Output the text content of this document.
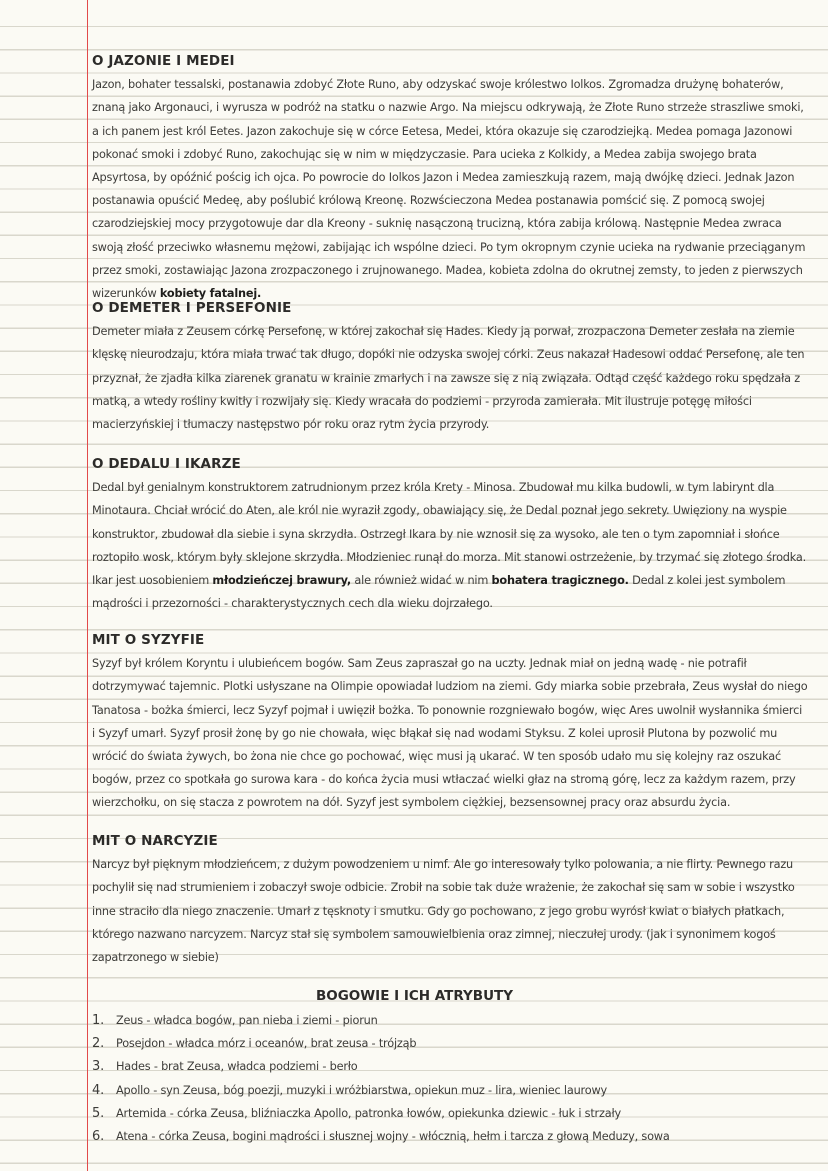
O JAZONIE I MEDEI

Jazon, bohater tessalski, postanawia zdobyć Złote Runo, aby odzyskać swoje królestwo Iolkos. Zgromadza drużynę bohaterów, znaną jako Argonauci, i wyrusza w podróż na statku o nazwie Argo. Na miejscu odkrywają, że Złote Runo strzeże straszliwe smoki, a ich panem jest król Eetes. Jazon zakochuje się w córce Eetesa, Medei, która okazuje się czarodziejką. Medea pomaga Jazonowi pokonać smoki i zdobyć Runo, zakochując się w nim w międzyczasie. Para ucieka z Kolkidy, a Medea zabija swojego brata Apsyrtosa, by opóźnić pościg ich ojca. Po powrocie do Iolkos Jazon i Medea zamieszkują razem, mają dwójkę dzieci. Jednak Jazon postanawia opuścić Medeę, aby poślubić królową Kreonę. Rozwścieczona Medea postanawia pomścić się. Z pomocą swojej czarodziejskiej mocy przygotowuje dar dla Kreony - suknię nasączoną trucizną, która zabija królową. Następnie Medea zwraca swoją złość przeciwko własnemu mężowi, zabijając ich wspólne dzieci. Po tym okropnym czynie ucieka na rydwanie przeciąganym przez smoki, zostawiając Jazona zrozpaczonego i zrujnowanego. Madea, kobieta zdolna do okrutnej zemsty, to jeden z pierwszych wizerunków kobiety fatalnej.

O DEMETER I PERSEFONIE

Demeter miała z Zeusem córkę Persefonę, w której zakochał się Hades. Kiedy ją porwał, zrozpaczona Demeter zesłała na ziemie klęskę nieurodzaju, która miała trwać tak długo, dopóki nie odzyska swojej córki. Zeus nakazał Hadesowi oddać Persefonę, ale ten przyznał, że zjadła kilka ziarenek granatu w krainie zmarłych i na zawsze się z nią związała. Odtąd część każdego roku spędzała z matką, a wtedy rośliny kwitły i rozwijały się. Kiedy wracała do podziemi - przyroda zamierała. Mit ilustruje potęgę miłości macierzyńskiej i tłumaczy następstwo pór roku oraz rytm życia przyrody.

O DEDALU I IKARZE

Dedal był genialnym konstruktorem zatrudnionym przez króla Krety - Minosa. Zbudował mu kilka budowli, w tym labirynt dla Minotaura. Chciał wrócić do Aten, ale król nie wyraził zgody, obawiający się, że Dedal poznał jego sekrety. Uwięziony na wyspie konstruktor, zbudował dla siebie i syna skrzydła. Ostrzegł Ikara by nie wznosił się za wysoko, ale ten o tym zapomniał i słońce roztopiło wosk, którym były sklejone skrzydła. Młodzieniec runął do morza. Mit stanowi ostrzeżenie, by trzymać się złotego środka. Ikar jest uosobieniem młodzieńczej brawury, ale również widać w nim bohatera tragicznego. Dedal z kolei jest symbolem mądrości i przezorności - charakterystycznych cech dla wieku dojrzałego.

MIT O SYZYFIE

Syzyf był królem Koryntu i ulubieńcem bogów. Sam Zeus zapraszał go na uczty. Jednak miał on jedną wadę - nie potrafił dotrzymywać tajemnic. Plotki usłyszane na Olimpie opowiadał ludziom na ziemi. Gdy miarka sobie przebrała, Zeus wysłał do niego Tanatosa - bożka śmierci, lecz Syzyf pojmał i uwięził bożka. To ponownie rozgniewało bogów, więc Ares uwolnił wysłannika śmierci i Syzyf umarł. Syzyf prosił żonę by go nie chowała, więc błąkał się nad wodami Styksu. Z kolei uprosił Plutona by pozwolić mu wrócić do świata żywych, bo żona nie chce go pochować, więc musi ją ukarać. W ten sposób udało mu się kolejny raz oszukać bogów, przez co spotkała go surowa kara - do końca życia musi wtłaczać wielki głaz na stromą górę, lecz za każdym razem, przy wierzchołku, on się stacza z powrotem na dół. Syzyf jest symbolem ciężkiej, bezsensownej pracy oraz absurdu życia.

MIT O NARCYZIE

Narcyz był pięknym młodzieńcem, z dużym powodzeniem u nimf. Ale go interesowały tylko polowania, a nie flirty. Pewnego razu pochylił się nad strumieniem i zobaczył swoje odbicie. Zrobił na sobie tak duże wrażenie, że zakochał się sam w sobie i wszystko inne straciło dla niego znaczenie. Umarł z tęsknoty i smutku. Gdy go pochowano, z jego grobu wyrósł kwiat o białych płatkach, którego nazwano narcyzem. Narcyz stał się symbolem samouwielbienia oraz zimnej, nieczułej urody. (jak i synonimem kogoś zapatrzonego w siebie)

BOGOWIE I ICH ATRYBUTY
1. Zeus - władca bogów, pan nieba i ziemi - piorun
2. Posejdon - władca mórz i oceanów, brat zeusa - trójząb
3. Hades - brat Zeusa, władca podziemi - berło
4. Apollo - syn Zeusa, bóg poezji, muzyki i wróżbiarstwa, opiekun muz - lira, wieniec laurowy
5. Artemida - córka Zeusa, bliźniaczka Apollo, patronka łowów, opiekunka dziewic - łuk i strzały
6. Atena - córka Zeusa, bogini mądrości i słusznej wojny - włócznią, hełm i tarcza z głową Meduzy, sowa
